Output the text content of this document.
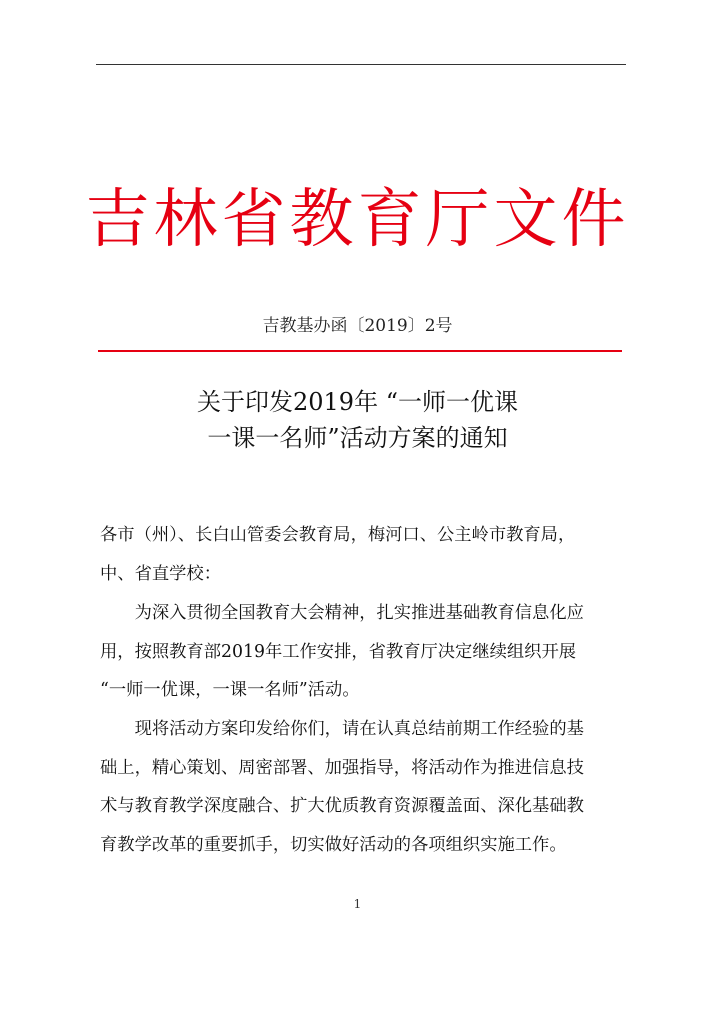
吉林省教育厅文件
吉教基办函〔2019〕2号
关于印发2019年 “一师一优课
一课一名师”活动方案的通知
各市（州）、长白山管委会教育局，梅河口、公主岭市教育局，
中、省直学校：
　　为深入贯彻全国教育大会精神，扎实推进基础教育信息化应
用，按照教育部2019年工作安排，省教育厅决定继续组织开展
“一师一优课，一课一名师”活动。
　　现将活动方案印发给你们，请在认真总结前期工作经验的基
础上，精心策划、周密部署、加强指导，将活动作为推进信息技
术与教育教学深度融合、扩大优质教育资源覆盖面、深化基础教
育教学改革的重要抓手，切实做好活动的各项组织实施工作。
1
